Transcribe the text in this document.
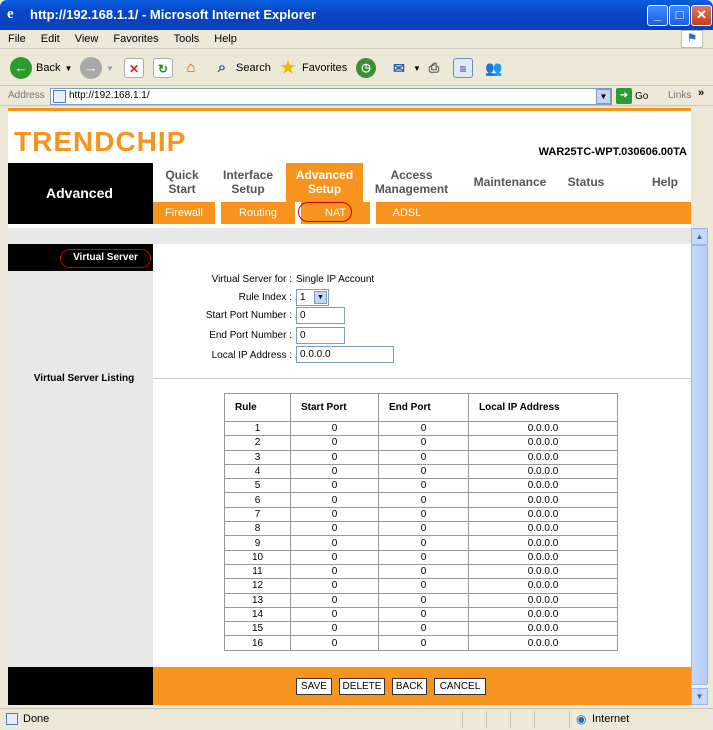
e	http://192.168.1.1/ - Microsoft Internet Explorer	_	□ ✕
File Edit View Favorites Tools Help	⚑
← Back ▼ →	▼	✕	↻	⌂	⌕ Search ★ Favorites	◷	✉	▼ ⎙	≡	👥
Address	http://192.168.1.1/	▼	➜ Go Links »
TRENDCHIP	WAR25TC-WPT.030606.00TA
Advanced
Quick
Start
Interface
Setup
Advanced
Setup
Access
Management	Maintenance	Status	Help
Firewall	Routing	NAT	ADSL
Virtual Server
Virtual Server Listing
Virtual Server for : Single IP Account
Rule Index : 1	▼
Start Port Number : 0
End Port Number : 0
Local IP Address : 0.0.0.0
Rule	Start Port	End Port	Local IP Address
1	0	0	0.0.0.0
2	0	0	0.0.0.0
3	0	0	0.0.0.0
4	0	0	0.0.0.0
5	0	0	0.0.0.0
6	0	0	0.0.0.0
7	0	0	0.0.0.0
8	0	0	0.0.0.0
9	0	0	0.0.0.0
10	0	0	0.0.0.0
11	0	0	0.0.0.0
12	0	0	0.0.0.0
13	0	0	0.0.0.0
14	0	0	0.0.0.0
15	0	0	0.0.0.0
16	0	0	0.0.0.0
SAVE	DELETE	BACK	CANCEL
▲
▼
Done	◉ Internet
